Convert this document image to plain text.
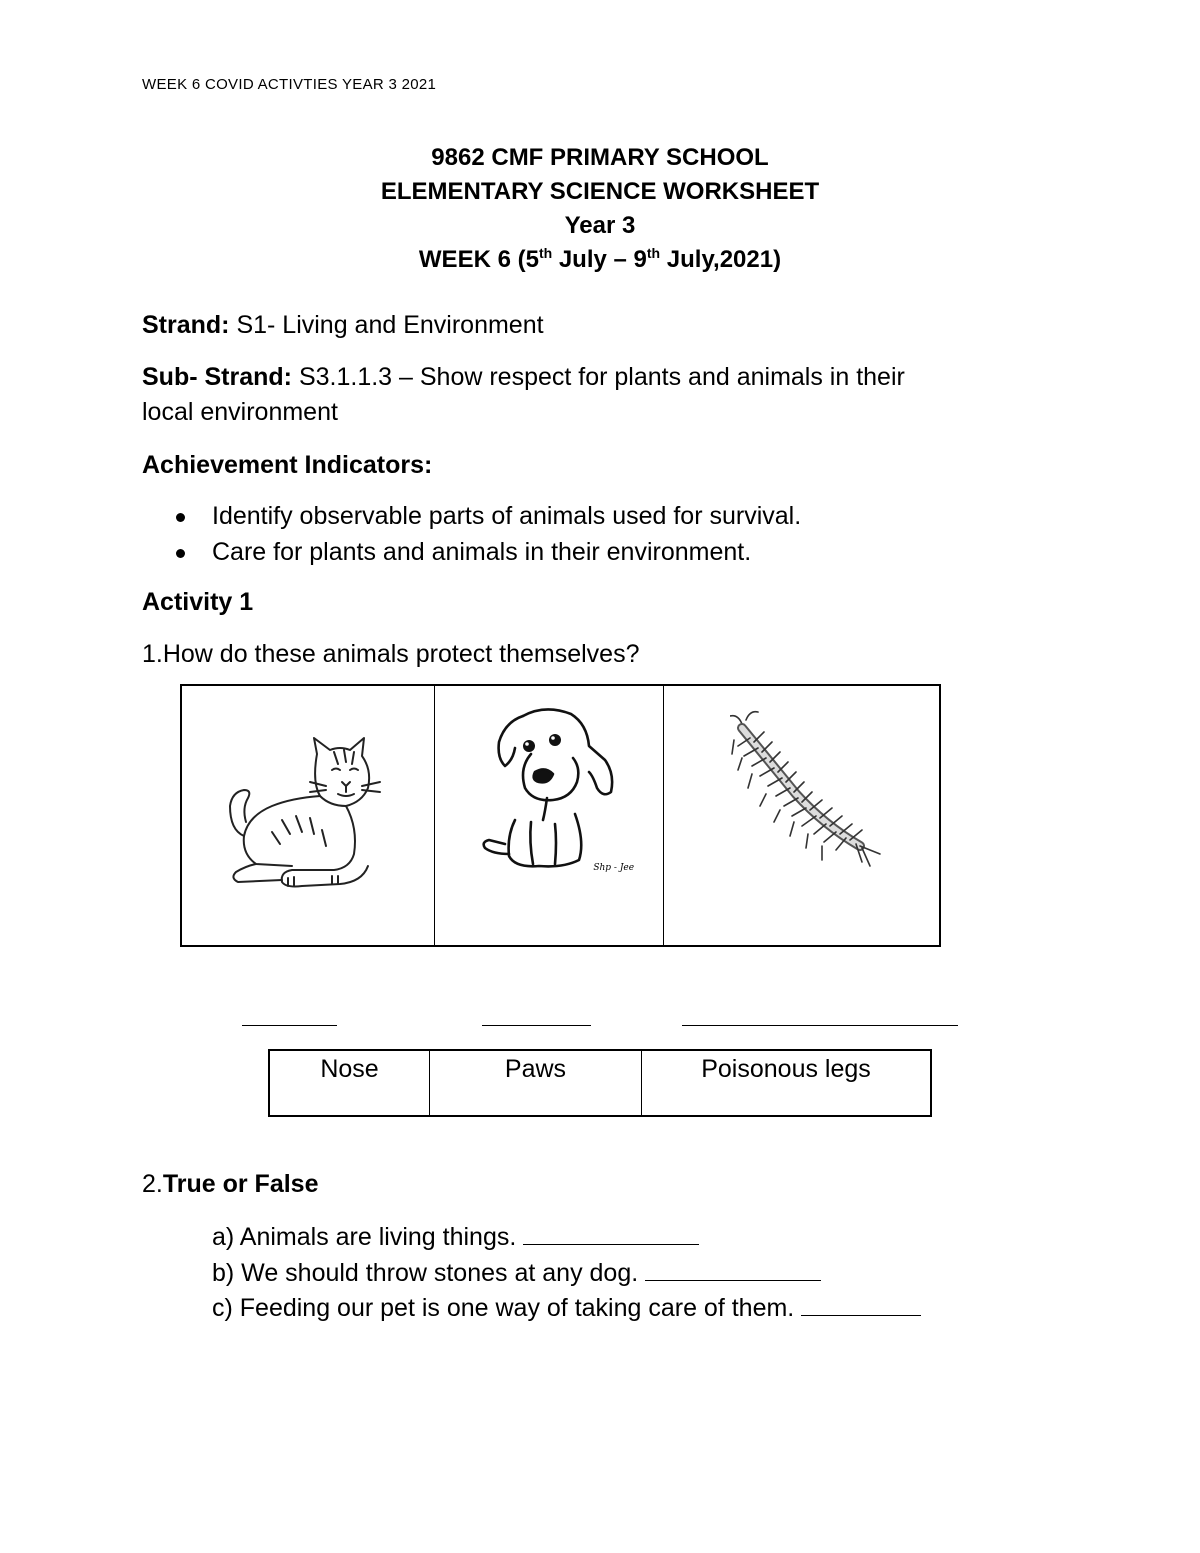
WEEK 6 COVID ACTIVTIES YEAR 3 2021
9862 CMF PRIMARY SCHOOL
ELEMENTARY SCIENCE WORKSHEET
Year 3
WEEK 6 (5th July – 9th July,2021)
Strand: S1- Living and Environment
Sub- Strand: S3.1.1.3 – Show respect for plants and animals in their
local environment
Achievement Indicators:
Identify observable parts of animals used for survival.
Care for plants and animals in their environment.
Activity 1
1.How do these animals protect themselves?
Shp - Jee
Nose	Paws	Poisonous legs
2.True or False
a) Animals are living things.
b) We should throw stones at any dog.
c) Feeding our pet is one way of taking care of them.
